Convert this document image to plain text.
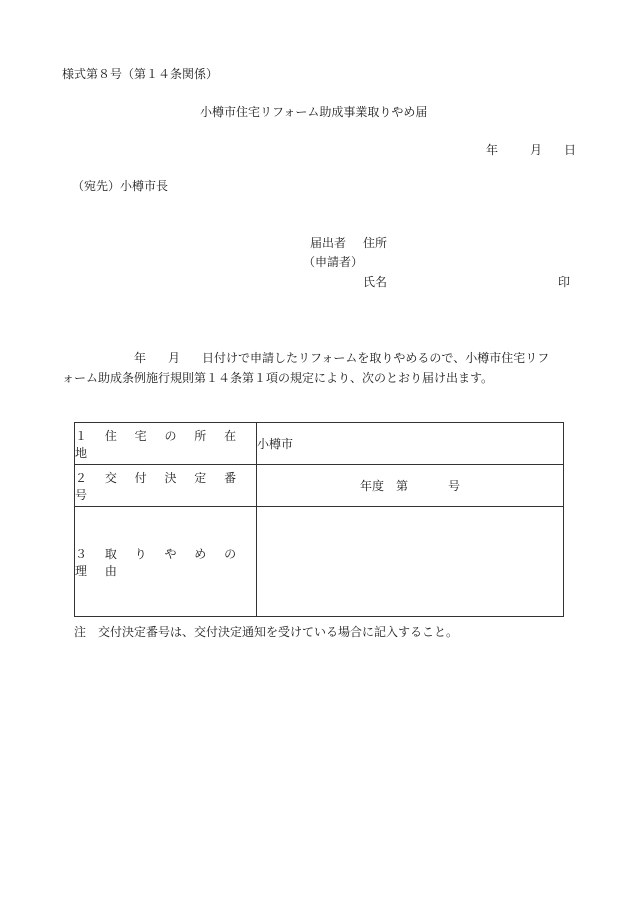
様式第８号（第１４条関係）
小樽市住宅リフォーム助成事業取りやめ届
年	月 日
（宛先）小樽市長
届出者 住所
（申請者）
氏名	印
年 月 日付けで申請したリフォームを取りやめるので、小樽市住宅リフ
ォーム助成条例施行規則第１４条第１項の規定により、次のとおり届け出ます。
１ 住 宅 の 所 在 地	小樽市
２ 交 付 決 定 番 号	年度 第 号
３ 取 り や め の 理 由	
注　交付決定番号は、交付決定通知を受けている場合に記入すること。
